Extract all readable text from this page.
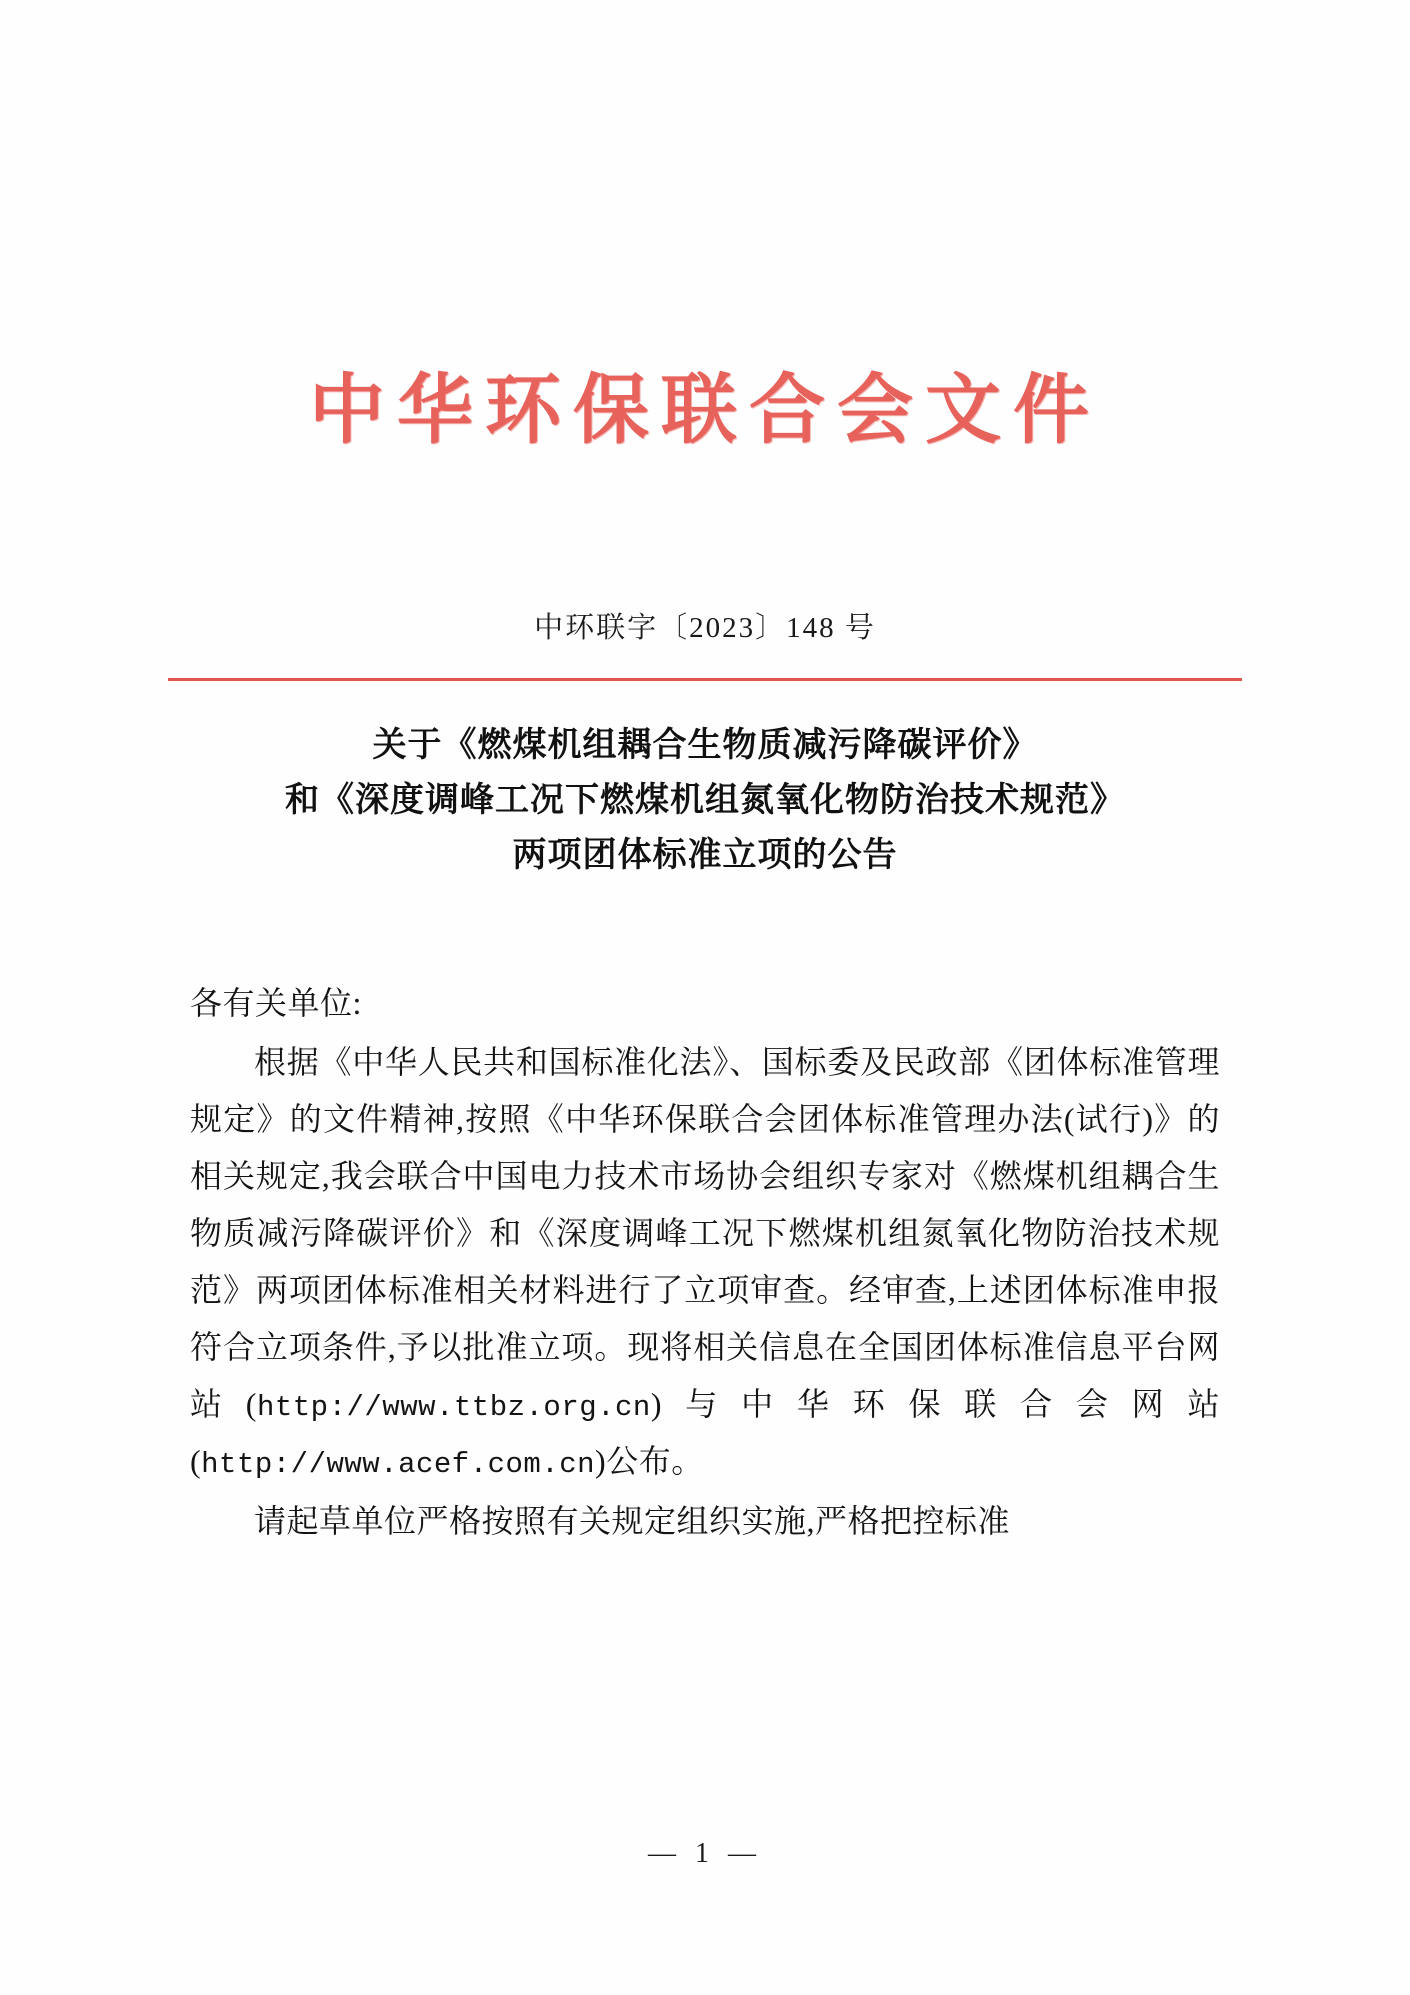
中华环保联合会文件
中环联字〔2023〕148 号
关于《燃煤机组耦合生物质减污降碳评价》
和《深度调峰工况下燃煤机组氮氧化物防治技术规范》
两项团体标准立项的公告

各有关单位:

根据《中华人民共和国标准化法》、国标委及民政部《团体标准管理规定》的文件精神,按照《中华环保联合会团体标准管理办法(试行)》的相关规定,我会联合中国电力技术市场协会组织专家对《燃煤机组耦合生物质减污降碳评价》和《深度调峰工况下燃煤机组氮氧化物防治技术规范》两项团体标准相关材料进行了立项审查。经审查,上述团体标准申报符合立项条件,予以批准立项。现将相关信息在全国团体标准信息平台网站(http://www.ttbz.org.cn)与中华环保联合会网站(http://www.acef.com.cn)公布。

请起草单位严格按照有关规定组织实施,严格把控标准

— 1 —
